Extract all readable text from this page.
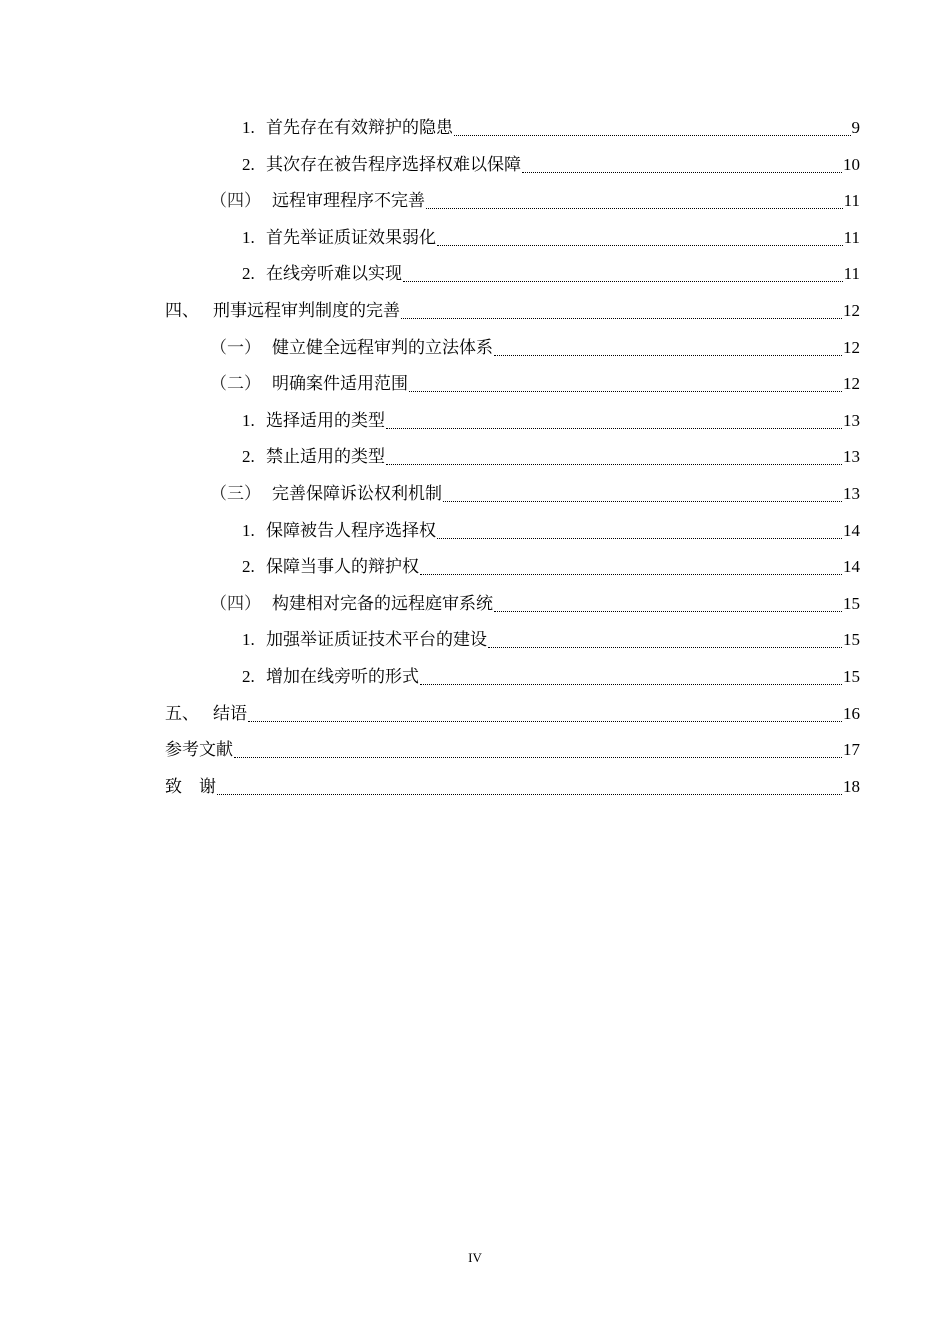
1. 首先存在有效辩护的隐患	9
2. 其次存在被告程序选择权难以保障	10
（四） 远程审理程序不完善	11
1. 首先举证质证效果弱化	11
2. 在线旁听难以实现	11
四、 刑事远程审判制度的完善	12
（一） 健立健全远程审判的立法体系	12
（二） 明确案件适用范围	12
1. 选择适用的类型	13
2. 禁止适用的类型	13
（三） 完善保障诉讼权利机制	13
1. 保障被告人程序选择权	14
2. 保障当事人的辩护权	14
（四） 构建相对完备的远程庭审系统	15
1. 加强举证质证技术平台的建设	15
2. 增加在线旁听的形式	15
五、 结语	16
参考文献	17
致　谢	18
IV
